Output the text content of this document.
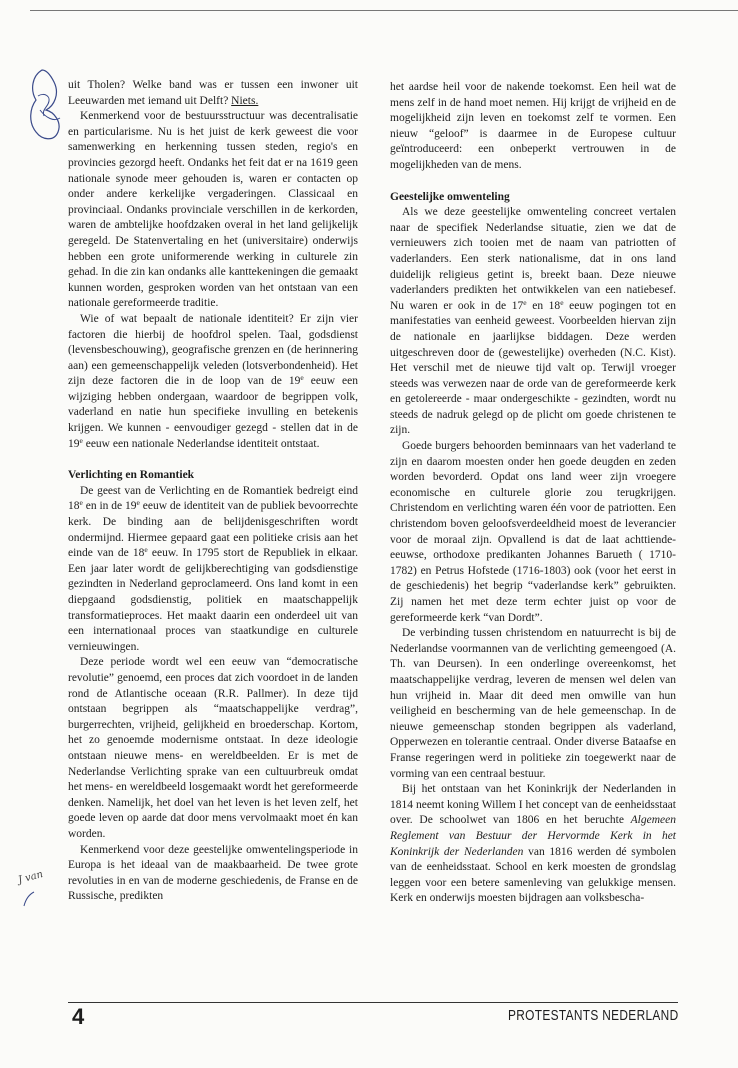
uit Tholen? Welke band was er tussen een inwoner uit Leeuwarden met iemand uit Delft? Niets.

Kenmerkend voor de bestuursstructuur was decentralisatie en particularisme. Nu is het juist de kerk geweest die voor samenwerking en herkenning tussen steden, regio's en provincies gezorgd heeft. Ondanks het feit dat er na 1619 geen nationale synode meer gehouden is, waren er contacten op onder andere kerkelijke vergaderingen. Classicaal en provinciaal. Ondanks provinciale verschillen in de kerkorden, waren de ambtelijke hoofdzaken overal in het land gelijkelijk geregeld. De Statenvertaling en het (universitaire) onderwijs hebben een grote uniformerende werking in culturele zin gehad. In die zin kan ondanks alle kanttekeningen die gemaakt kunnen worden, gesproken worden van het ontstaan van een nationale gereformeerde traditie.

Wie of wat bepaalt de nationale identiteit? Er zijn vier factoren die hierbij de hoofdrol spelen. Taal, godsdienst (levensbeschouwing), geografische grenzen en (de herinnering aan) een gemeenschappelijk veleden (lotsverbondenheid). Het zijn deze factoren die in de loop van de 19e eeuw een wijziging hebben ondergaan, waardoor de begrippen volk, vaderland en natie hun specifieke invulling en betekenis krijgen. We kunnen - eenvoudiger gezegd - stellen dat in de 19e eeuw een nationale Nederlandse identiteit ontstaat.

Verlichting en Romantiek

De geest van de Verlichting en de Romantiek bedreigt eind 18e en in de 19e eeuw de identiteit van de publiek bevoorrechte kerk. De binding aan de belijdenisgeschriften wordt ondermijnd. Hiermee gepaard gaat een politieke crisis aan het einde van de 18e eeuw. In 1795 stort de Republiek in elkaar. Een jaar later wordt de gelijkberechtiging van godsdienstige gezindten in Nederland geproclameerd. Ons land komt in een diepgaand godsdienstig, politiek en maatschappelijk transformatieproces. Het maakt daarin een onderdeel uit van een internationaal proces van staatkundige en culturele vernieuwingen.

Deze periode wordt wel een eeuw van “democratische revolutie” genoemd, een proces dat zich voordoet in de landen rond de Atlantische oceaan (R.R. Pallmer). In deze tijd ontstaan begrippen als “maatschappelijke verdrag”, burgerrechten, vrijheid, gelijkheid en broederschap. Kortom, het zo genoemde modernisme ontstaat. In deze ideologie ontstaan nieuwe mens- en wereldbeelden. Er is met de Nederlandse Verlichting sprake van een cultuurbreuk omdat het mens- en wereldbeeld losgemaakt wordt het gereformeerde denken. Namelijk, het doel van het leven is het leven zelf, het goede leven op aarde dat door mens vervolmaakt moet én kan worden.

Kenmerkend voor deze geestelijke omwentelingsperiode in Europa is het ideaal van de maakbaarheid. De twee grote revoluties in en van de moderne geschiedenis, de Franse en de Russische, predikten

het aardse heil voor de nakende toekomst. Een heil wat de mens zelf in de hand moet nemen. Hij krijgt de vrijheid en de mogelijkheid zijn leven en toekomst zelf te vormen. Een nieuw “geloof” is daarmee in de Europese cultuur geïntroduceerd: een onbeperkt vertrouwen in de mogelijkheden van de mens.

Geestelijke omwenteling

Als we deze geestelijke omwenteling concreet vertalen naar de specifiek Nederlandse situatie, zien we dat de vernieuwers zich tooien met de naam van patriotten of vaderlanders. Een sterk nationalisme, dat in ons land duidelijk religieus getint is, breekt baan. Deze nieuwe vaderlanders predikten het ontwikkelen van een natiebesef. Nu waren er ook in de 17e en 18e eeuw pogingen tot en manifestaties van eenheid geweest. Voorbeelden hiervan zijn de nationale en jaarlijkse biddagen. Deze werden uitgeschreven door de (gewestelijke) overheden (N.C. Kist). Het verschil met de nieuwe tijd valt op. Terwijl vroeger steeds was verwezen naar de orde van de gereformeerde kerk en getolereerde - maar ondergeschikte - gezindten, wordt nu steeds de nadruk gelegd op de plicht om goede christenen te zijn.

Goede burgers behoorden beminnaars van het vaderland te zijn en daarom moesten onder hen goede deugden en zeden worden bevorderd. Opdat ons land weer zijn vroegere economische en culturele glorie zou terugkrijgen. Christendom en verlichting waren één voor de patriotten. Een christendom boven geloofsverdeeldheid moest de leverancier voor de moraal zijn. Opvallend is dat de laat achttiende-eeuwse, orthodoxe predikanten Johannes Barueth ( 1710-1782) en Petrus Hofstede (1716-1803) ook (voor het eerst in de geschiedenis) het begrip “vaderlandse kerk” gebruikten. Zij namen het met deze term echter juist op voor de gereformeerde kerk “van Dordt”.

De verbinding tussen christendom en natuurrecht is bij de Nederlandse voormannen van de verlichting gemeengoed (A. Th. van Deursen). In een onderlinge overeenkomst, het maatschappelijke verdrag, leveren de mensen wel delen van hun vrijheid in. Maar dit deed men omwille van hun veiligheid en bescherming van de hele gemeenschap. In de nieuwe gemeenschap stonden begrippen als vaderland, Opperwezen en tolerantie centraal. Onder diverse Bataafse en Franse regeringen werd in politieke zin toegewerkt naar de vorming van een centraal bestuur.

Bij het ontstaan van het Koninkrijk der Nederlanden in 1814 neemt koning Willem I het concept van de eenheidsstaat over. De schoolwet van 1806 en het beruchte Algemeen Reglement van Bestuur der Hervormde Kerk in het Koninkrijk der Nederlanden van 1816 werden dé symbolen van de eenheidsstaat. School en kerk moesten de grondslag leggen voor een betere samenleving van gelukkige mensen. Kerk en onderwijs moesten bijdragen aan volksbescha-

J van
4	PROTESTANTS NEDERLAND
